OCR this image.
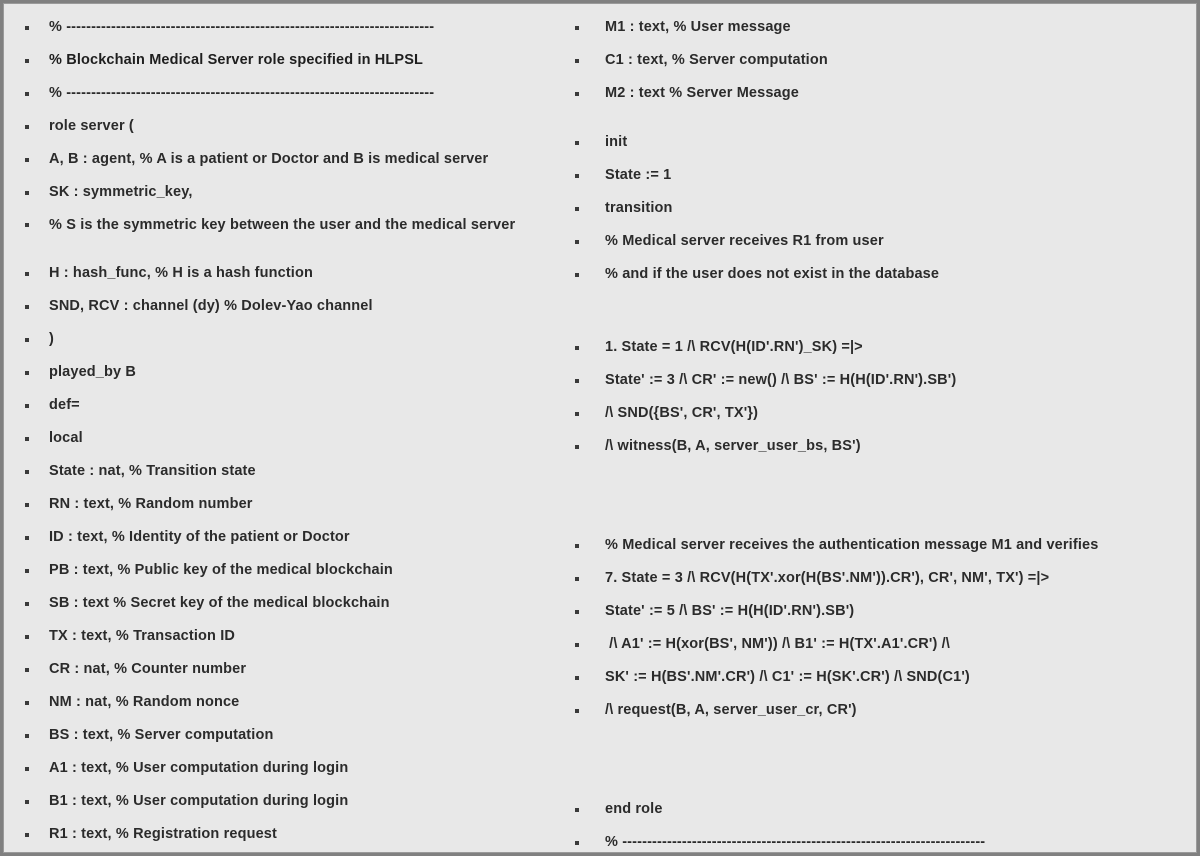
% --------------------------------------------------------------------------
% Blockchain Medical Server role specified in HLPSL
% --------------------------------------------------------------------------
role server (
A, B : agent, % A is a patient or Doctor and B is medical server
SK : symmetric_key,
% S is the symmetric key between the user and the medical server
H : hash_func, % H is a hash function
SND, RCV : channel (dy) % Dolev-Yao channel
)
played_by B
def=
local
State : nat, % Transition state
RN : text, % Random number
ID : text, % Identity of the patient or Doctor
PB : text, % Public key of the medical blockchain
SB : text % Secret key of the medical blockchain
TX : text, % Transaction ID
CR : nat, % Counter number
NM : nat, % Random nonce
BS : text, % Server computation
A1 : text, % User computation during login
B1 : text, % User computation during login
R1 : text, % Registration request
M1 : text, % User message
C1 : text, % Server computation
M2 : text % Server Message
init
State := 1
transition
% Medical server receives R1 from user
% and if the user does not exist in the database
1. State = 1 /\ RCV(H(ID'.RN')_SK) =|>
State' := 3 /\ CR' := new() /\ BS' := H(H(ID'.RN').SB')
/\ SND({BS', CR', TX'})
/\ witness(B, A, server_user_bs, BS')
% Medical server receives the authentication message M1 and verifies
7. State = 3 /\ RCV(H(TX'.xor(H(BS'.NM')).CR'), CR', NM', TX') =|>
State' := 5 /\ BS' := H(H(ID'.RN').SB')
/\ A1' := H(xor(BS', NM')) /\ B1' := H(TX'.A1'.CR') /\
SK' := H(BS'.NM'.CR') /\ C1' := H(SK'.CR') /\ SND(C1')
/\ request(B, A, server_user_cr, CR')
end role
% -------------------------------------------------------------------------
